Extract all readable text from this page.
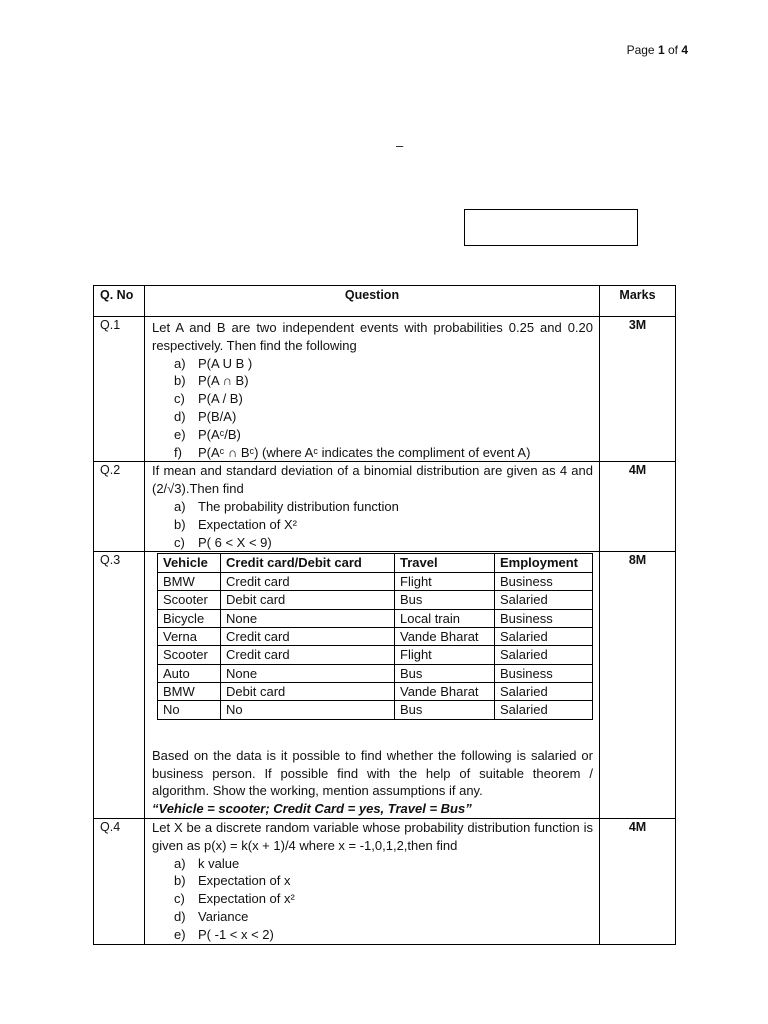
Page 1 of 4
–
Q. No	Question	Marks
Q.1	Let A and B are two independent events with probabilities 0.25 and 0.20 respectively. Then find the following

a) P(A U B )
b) P(A ∩ B)
c) P(A / B)
d) P(B/A)
e) P(Aᶜ/B)
f) P(Aᶜ ∩ Bᶜ) (where Aᶜ indicates the compliment of event A)
	3M
Q.2	If mean and standard deviation of a binomial distribution are given as 4 and (2/√3).Then find

a) The probability distribution function
b) Expectation of X²
c) P( 6 < X < 9)
	4M
Q.3		Vehicle	Credit card/Debit card	Travel	Employment
BMW	Credit card	Flight	Business
Scooter	Debit card	Bus	Salaried
Bicycle	None	Local train	Business
Verna	Credit card	Vande Bharat	Salaried
Scooter	Credit card	Flight	Salaried
Auto	None	Bus	Business
BMW	Debit card	Vande Bharat	Salaried
No	No	Bus	Salaried

Based on the data is it possible to find whether the following is salaried or business person. If possible find with the help of suitable theorem / algorithm. Show the working, mention assumptions if any.

“Vehicle = scooter; Credit Card = yes, Travel = Bus”

	8M
Q.4	Let X be a discrete random variable whose probability distribution function is given as p(x) = k(x + 1)/4 where x = -1,0,1,2,then find

a) k value
b) Expectation of x
c) Expectation of x²
d) Variance
e) P( -1 < x < 2)
	4M
